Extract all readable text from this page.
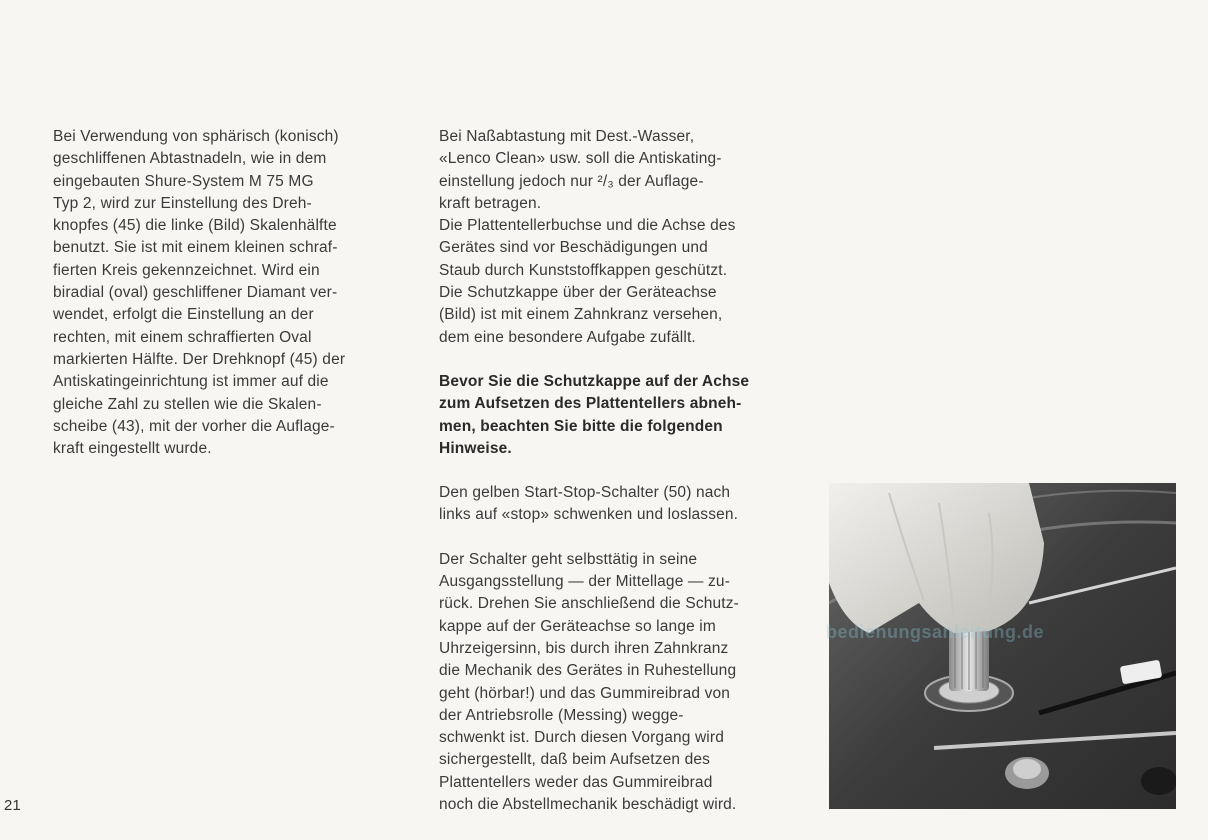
Bei Verwendung von sphärisch (konisch)

geschliffenen Abtastnadeln, wie in dem

eingebauten Shure-System M 75 MG

Typ 2, wird zur Einstellung des Dreh-

knopfes (45) die linke (Bild) Skalenhälfte

benutzt. Sie ist mit einem kleinen schraf-

fierten Kreis gekennzeichnet. Wird ein

biradial (oval) geschliffener Diamant ver-

wendet, erfolgt die Einstellung an der

rechten, mit einem schraffierten Oval

markierten Hälfte. Der Drehknopf (45) der

Antiskatingeinrichtung ist immer auf die

gleiche Zahl zu stellen wie die Skalen-

scheibe (43), mit der vorher die Auflage-

kraft eingestellt wurde.

Bei Naßabtastung mit Dest.-Wasser,

«Lenco Clean» usw. soll die Antiskating-

einstellung jedoch nur ²/₃ der Auflage-

kraft betragen.

Die Plattentellerbuchse und die Achse des

Gerätes sind vor Beschädigungen und

Staub durch Kunststoffkappen geschützt.

Die Schutzkappe über der Geräteachse

(Bild) ist mit einem Zahnkranz versehen,

dem eine besondere Aufgabe zufällt.

Bevor Sie die Schutzkappe auf der Achse

zum Aufsetzen des Plattentellers abneh-

men, beachten Sie bitte die folgenden

Hinweise.

Den gelben Start-Stop-Schalter (50) nach

links auf «stop» schwenken und loslassen.

Der Schalter geht selbsttätig in seine

Ausgangsstellung — der Mittellage — zu-

rück. Drehen Sie anschließend die Schutz-

kappe auf der Geräteachse so lange im

Uhrzeigersinn, bis durch ihren Zahnkranz

die Mechanik des Gerätes in Ruhestellung

geht (hörbar!) und das Gummireibrad von

der Antriebsrolle (Messing) wegge-

schwenkt ist. Durch diesen Vorgang wird

sichergestellt, daß beim Aufsetzen des

Plattentellers weder das Gummireibrad

noch die Abstellmechanik beschädigt wird.

bedienungsanleitung.de
21
